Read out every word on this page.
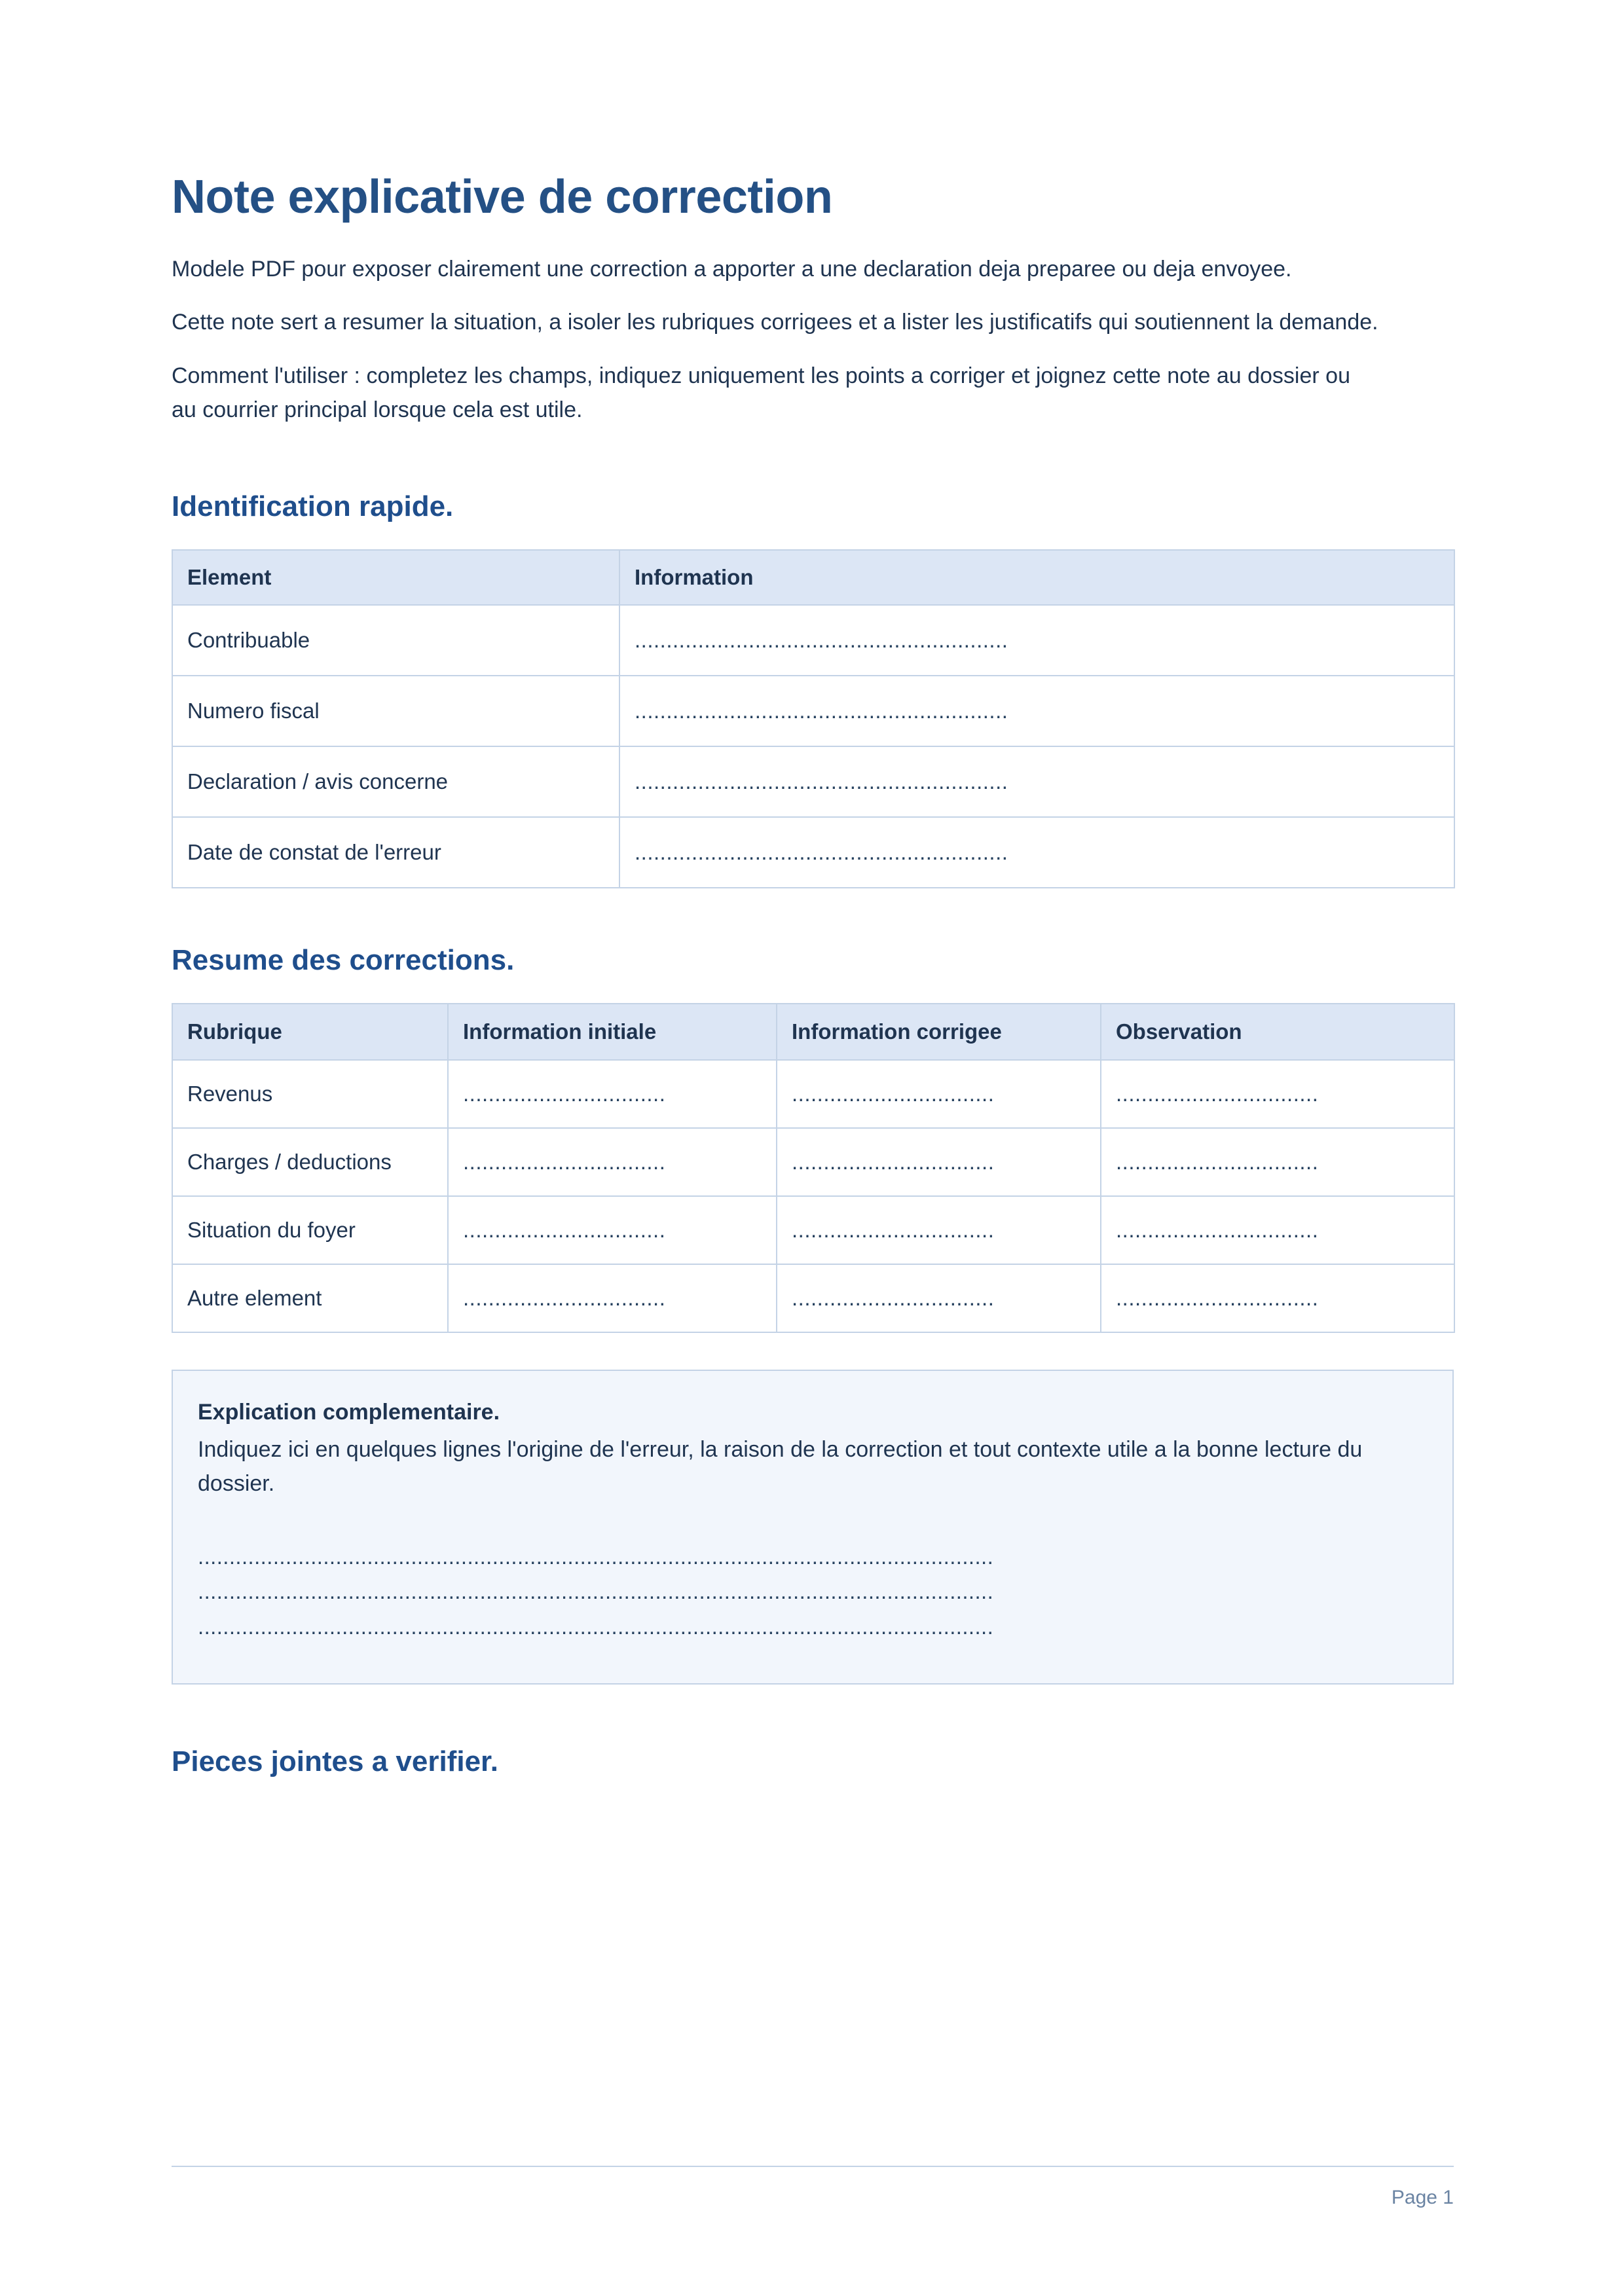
Note explicative de correction

Modele PDF pour exposer clairement une correction a apporter a une declaration deja preparee ou deja envoyee.

Cette note sert a resumer la situation, a isoler les rubriques corrigees et a lister les justificatifs qui soutiennent la demande.

Comment l'utiliser : completez les champs, indiquez uniquement les points a corriger et joignez cette note au dossier ou au courrier principal lorsque cela est utile.

Identification rapide.
Element	Information
Contribuable	...........................................................
Numero fiscal	...........................................................
Declaration / avis concerne	...........................................................
Date de constat de l'erreur	...........................................................
Resume des corrections.
Rubrique	Information initiale	Information corrigee	Observation
Revenus	................................	................................	................................

Charges / deductions	................................	................................	................................
Situation du foyer	................................	................................	................................
Autre element	................................	................................	................................
Explication complementaire.
Indiquez ici en quelques lignes l'origine de l'erreur, la raison de la correction et tout contexte utile a la bonne lecture du dossier.
...............................................................................................................................
...............................................................................................................................
...............................................................................................................................
Pieces jointes a verifier.
Page 1
